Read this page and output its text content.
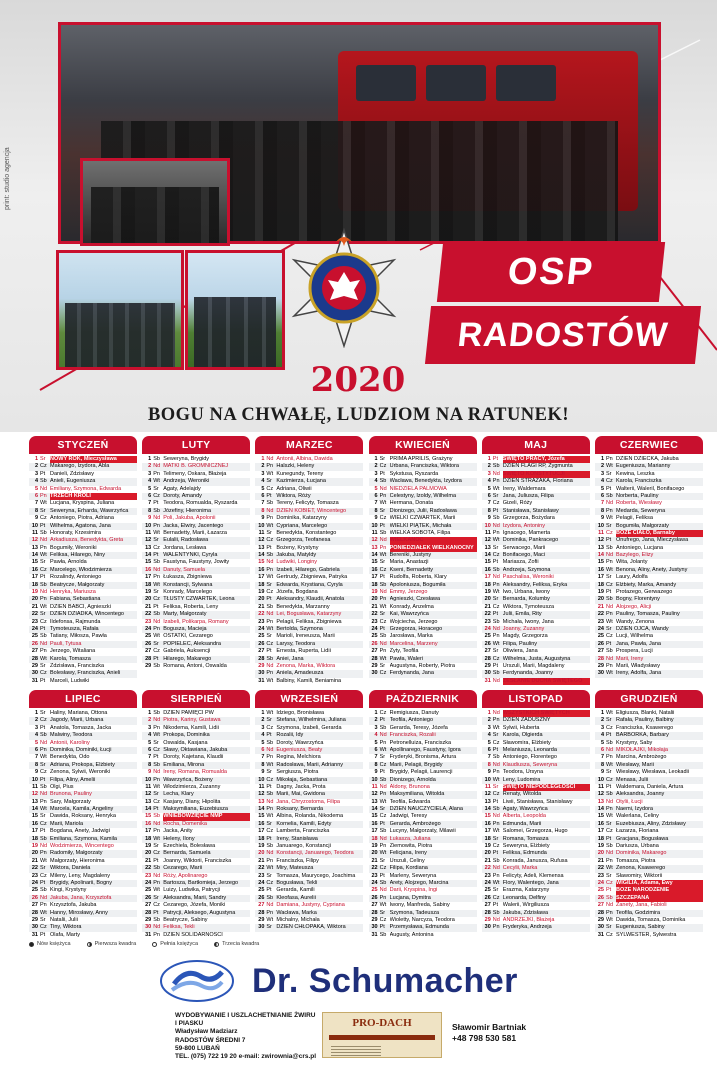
print: studio agencja
OSP
RADOSTÓW
2020
BOGU NA CHWAŁĘ, LUDZIOM NA RATUNEK!
STYCZEŃ
1 Śr NOWY ROK, Mieczysława
2 Cz Makarego, Izydora, Abla
3 Pt Danieli, Zdzisławy
4 Sb Anieli, Eugeniusza
5 Nd Emiliany, Szymona, Edwarda
6 Pn TRZECH KRÓLI
7 Wt Lucjana, Kryspina, Juliana
8 Śr Seweryna, Erharda, Wawrzyńca
9 Cz Antoniego, Piotra, Adriana
10 Pt Wilhelma, Agatona, Jana
11 Sb Honoraty, Krzesimira
12 Nd Arkadiusza, Benedykta, Greta
13 Pn Bogumiły, Weroniki
14 Wt Feliksa, Hilarego, Niny
15 Śr Pawła, Arnolda
16 Cz Marcelego, Włodzimierza
17 Pt Rozalindy, Antoniego
18 Sb Beatrycze, Małgorzaty
19 Nd Henryka, Mariusza
20 Pn Fabiana, Sebastiana
21 Wt DZIEŃ BABCI, Agnieszki
22 Śr DZIEŃ DZIADKA, Wincentego
23 Cz Ildefonsa, Rajmunda
24 Pt Tymoteusza, Rafała
25 Sb Tatiany, Miłosza, Pawła
26 Nd Pauli, Tytusa
27 Pn Jerzego, Witaliana
28 Wt Karola, Tomasza
29 Śr Zdzisława, Franciszka
30 Cz Bolesławy, Franciszka, Anieli
31 Pt Marceli, Ludwiki
LUTY
1 Sb Seweryna, Brygidy
2 Nd MATKI B. GROMNICZNEJ
3 Pn Telimeny, Oskara, Błażeja
4 Wt Andrzeja, Weroniki
5 Śr Agaty, Adelajdy
6 Cz Doroty, Amandy
7 Pt Teodora, Romualda, Ryszarda
8 Sb Józefiny, Hieronima
9 Nd Poli, Jakuba, Apolonii
10 Pn Jacka, Elwiry, Jacentego
11 Wt Bernadetty, Marii, Łazarza
12 Śr Eulalii, Radosława
13 Cz Jordana, Lesława
14 Pt WALENTYNKI, Cyryla
15 Sb Faustyna, Faustyny, Jowity
16 Nd Danuty, Samuela
17 Pn Łukasza, Zbigniewa
18 Wt Konstancji, Sylwana
19 Śr Konrady, Marcelego
20 Cz TŁUSTY CZWARTEK, Leona
21 Pt Feliksa, Roberta, Leny
22 Sb Marty, Małgorzaty
23 Nd Izabeli, Polikarpa, Romany
24 Pn Bogusza, Macieja
25 Wt OSTATKI, Cezarego
26 Śr POPIELEC, Aleksandra
27 Cz Gabriela, Auksencji
28 Pt Hilarego, Makarego
29 Sb Romana, Antoni, Oswalda
MARZEC
1 Nd Antonii, Albina, Dawida
2 Pn Halszki, Heleny
3 Wt Kunegundy, Tereny
4 Śr Kazimierza, Łucjana
5 Cz Adriana, Oliwii
6 Pt Wiktora, Róży
7 Sb Tereny, Felicyty, Tomasza
8 Nd DZIEŃ KOBIET, Wincentego
9 Pn Dominika, Katarzyny
10 Wt Cypriana, Marcelego
11 Śr Benedykta, Konstantego
12 Cz Grzegorza, Teofanesa
13 Pt Bożeny, Krystyny
14 Sb Jakuba, Matyldy
15 Nd Ludwiki, Longiny
16 Pn Izabeli, Hilarego, Gabriela
17 Wt Gertrudy, Zbigniewa, Patryka
18 Śr Edwarda, Krystiana, Cyryla
19 Cz Józefa, Bogdana
20 Pt Aleksandry, Klaudii, Anatola
21 Sb Benedykta, Marzanny
22 Nd Lei, Bogusława, Katarzyny
23 Pn Pelagii, Feliksa, Zbigniewa
24 Wt Bertolda, Szymona
25 Śr Marioli, Ireneusza, Marii
26 Cz Larysy, Teodora
27 Pt Ernesta, Ruperta, Lidii
28 Sb Aniei, Jana
29 Nd Zenona, Marka, Wiktora
30 Pn Aniela, Amadeusza
31 Wt Balbiny, Kamili, Beniamina
KWIECIEŃ
1 Śr PRIMA APRILIS, Grażyny
2 Cz Urbana, Franciszka, Wiktora
3 Pt Sykstusa, Ryszarda
4 Sb Wacława, Benedykta, Izydora
5 Nd NIEDZIELA PALMOWA
6 Pn Celestyny, Izoldy, Wilhelma
7 Wt Hermana, Donata
8 Śr Dionizego, Julii, Radosława
9 Cz WIELKI CZWARTEK, Marii
10 Pt WIELKI PIĄTEK, Michała
11 Sb WIELKA SOBOTA, Filipa
12 Nd WIELKANOC
13 Pn PONIEDZIAŁEK WIELKANOCNY
14 Wt Bereniki, Justyny
15 Śr Maria, Anastazji
16 Cz Kseni, Bernadetty
17 Pt Rudolfa, Roberta, Klary
18 Sb Apoloniusza, Bogumiła
19 Nd Emmy, Jerzego
20 Pn Agnieszki, Czesława
21 Wt Konrady, Anzelma
22 Śr Kai, Wawrzyńca
23 Cz Wojciecha, Jerzego
24 Pt Grzegorza, Horacego
25 Sb Jarosława, Marka
26 Nd Marcelina, Marzeny
27 Pn Żyty, Teofila
28 Wt Pawła, Waleri
29 Śr Augustyna, Roberty, Piotra
30 Cz Ferdynanda, Jana
MAJ
1 Pt ŚWIĘTO PRACY, Józefa
2 Sb DZIEŃ FLAGI RP, Zygmunta
3 Nd ŚWIĘTO KONSTYTUCJI
4 Pn DZIEŃ STRAŻAKA, Floriana
5 Wt Ireny, Waldemara
6 Śr Jana, Juliusza, Filipa
7 Cz Gizeli, Róży
8 Pt Stanisława, Stanisławy
9 Sb Grzegorza, Bożydara
10 Nd Izydora, Antoniny
11 Pn Ignacego, Mamerta
12 Wt Dominika, Pankracego
13 Śr Serwacego, Marii
14 Cz Bonifacego, Maci
15 Pt Mariasza, Zofii
16 Sb Andrzeja, Szymona
17 Nd Paschalisa, Weroniki
18 Pn Aleksandry, Feliksa, Eryka
19 Wt Iwo, Urbana, Iwony
20 Śr Bernarda, Kolumby
21 Cz Wiktora, Tymoteusza
22 Pt Julii, Emila, Rity
23 Sb Michała, Iwony, Jana
24 Nd Joanny, Zuzanny
25 Pn Magdy, Grzegorza
26 Wt Filipa, Pauliny
27 Śr Oliwiera, Jana
28 Cz Wilhelma, Justa, Augustyna
29 Pt Urszuli, Marii, Magdaleny
30 Sb Ferdynanda, Joanny
31 Nd ZESŁANIE DUCHA ŚWIĘTEGO
CZERWIEC
1 Pn DZIEŃ DZIECKA, Jakuba
2 Wt Eugeniusza, Marianny
3 Śr Kewina, Leszka
4 Cz Karola, Franciszka
5 Pt Walterii, Waleril, Bonifacego
6 Sb Norberta, Pauliny
7 Nd Roberta, Wiesławy
8 Pn Medarda, Seweryna
9 Wt Pelagii, Feliksa
10 Śr Bogumiła, Małgorzaty
11 Cz BOŻE CIAŁO, Barnaby
12 Pt Onufrego, Jana, Mieczysława
13 Sb Antoniego, Lucjana
14 Nd Bazylego, Elizy
15 Pn Wita, Jolanty
16 Wt Benona, Aliny, Anety, Justyny
17 Śr Laury, Adolfa
18 Cz Elżbiety, Marka, Amandy
19 Pt Protazego, Gerwazego
20 Sb Bogny, Florentyny
21 Nd Alojzego, Alicji
22 Pn Pauliny, Tomasza, Pauliny
23 Wt Wandy, Zenona
24 Śr DZIEŃ OJCA, Wandy
25 Cz Lucji, Wilhelma
26 Pt Jana, Pawła, Jana
27 Sb Prospera, Lucji
28 Nd Marii, Ireny
29 Pn Marii, Władysławy
30 Wt Ireny, Adolfa, Jana
LIPIEC
1 Śr Haliny, Mariana, Ottona
2 Cz Jagody, Marii, Urbana
3 Pt Anatola, Tomasza, Jacka
4 Sb Malwiny, Teodora
5 Nd Antonii, Karoliny
6 Pn Dominika, Dominiki, Łucji
7 Wt Benedykta, Odo
8 Śr Adriana, Prokopa, Elżbiety
9 Cz Zenona, Sylwii, Weroniki
10 Pt Filipa, Aliny, Amelii
11 Sb Olgi, Pius
12 Nd Brunona, Pauliny
13 Pn Sary, Małgorzaty
14 Wt Marcela, Kamila, Angeliny
15 Śr Dawida, Roksany, Henryka
16 Cz Marii, Mariola
17 Pt Bogdana, Anety, Jadwigi
18 Sb Emiliana, Szymona, Kamila
19 Nd Wodzimierza, Wincentego
20 Pn Radomiły, Małgorzaty
21 Wt Małgorzaty, Hieronima
22 Śr Wiktora, Daniela
23 Cz Mileny, Leny, Magdaleny
24 Pt Brygidy, Apolinarii, Bogny
25 Sb Kingi, Krystyny
26 Nd Jakuba, Jana, Krzysztofa
27 Pn Krzysztofa, Jakuba
28 Wt Hanny, Mirosławy, Anny
29 Śr Natalii, Julii
30 Cz Tiny, Wiktora
31 Pt Olafa, Marty
SIERPIEŃ
1 Sb DZIEŃ PAMIĘCI PW
2 Nd Piotra, Kariny, Gustawa
3 Pn Nikodema, Kamili, Lidii
4 Wt Prokopa, Dominika
5 Śr Oswalda, Kasjana
6 Cz Sławy, Oktawiana, Jakuba
7 Pt Doroty, Kajetana, Klaudii
8 Sb Emiliana, Mirona
9 Nd Ireny, Romana, Romualda
10 Pn Wawrzyńca, Bożeny
11 Wt Włodzimierza, Zuzanny
12 Śr Lecha, Klary
13 Cz Kasjany, Diany, Hipolita
14 Pt Maksymiliana, Euzebiusza
15 Sb WNIEBOWZIĘCIE NMP
16 Nd Rocha, Domenika
17 Pn Jacka, Anity
18 Wt Heleny, Ilony
19 Śr Ezechiela, Bolesława
20 Cz Bernarda, Samuela
21 Pt Joanny, Wiktorii, Franciszka
22 Sb Cezarego, Marii
23 Nd Róży, Apolinarego
24 Pn Bartosza, Bartłomieja, Jerzego
25 Wt Luizy, Ludwika, Patrycji
26 Śr Aleksandra, Marii, Sandry
27 Cz Cezarego, Józefa, Moniki
28 Pt Patrycji, Aleksego, Augustyna
29 Sb Beatrycze, Sabiny
30 Nd Feliksa, Tekli
31 Pn DZIEŃ SOLIDARNOŚCI
WRZESIEŃ
1 Wt Idziego, Bronisława
2 Śr Stefana, Wilhelmina, Juliana
3 Cz Szymona, Izabeli, Gerarda
4 Pt Rozalii, Idy
5 Sb Doroty, Wawrzyńca
6 Nd Eugeniusza, Beaty
7 Pn Regina, Melchiora
8 Wt Radosława, Marii, Adrianny
9 Śr Sergiusza, Piotra
10 Cz Mikołaja, Sebastiana
11 Pt Dagny, Jacka, Prota
12 Sb Marii, Mai, Gwidona
13 Nd Jana, Chryzostoma, Filipa
14 Pn Roksany, Bernarda
15 Wt Albina, Rolanda, Nikodema
16 Śr Kornelia, Kamili, Edyty
17 Cz Lamberta, Franciszka
18 Pt Ireny, Stanisława
19 Sb Januarego, Konstancji
20 Nd Konstancji, Januarego, Teodora
21 Pn Franciszka, Filipy
22 Wt Miry, Mateusza
23 Śr Tomasza, Maurycego, Joachima
24 Cz Bogusława, Tekli
25 Pt Gerarda, Kamili
26 Sb Kleofasa, Aurelii
27 Nd Damiana, Justyny, Cypriana
28 Pn Wacława, Marka
29 Wt Michalny, Michała
30 Śr DZIEŃ CHŁOPAKA, Wiktora
PAŹDZIERNIK
1 Cz Remigiusza, Danuty
2 Pt Teofila, Antoniego
3 Sb Gerarda, Teresy, Józefa
4 Nd Franciszka, Rozalii
5 Pn Petronelluiza, Franciszka
6 Wt Apollinarego, Faustyny, Igora
7 Śr Fryderyki, Bronisma, Artura
8 Cz Marii, Pelagii, Brygidy
9 Pt Brygidy, Pelagii, Laurencji
10 Sb Dionizego, Arnolda
11 Nd Aldony, Brunona
12 Pn Maksymiliana, Witolda
13 Wt Teofila, Edwarda
14 Śr DZIEŃ NAUCZYCIELA, Alana
15 Cz Jadwigi, Teresy
16 Pt Gerarda, Ambrożego
17 Sb Lucyny, Małgorzaty, Milawii
18 Nd Łukasza, Juliana
19 Pn Ziemowita, Piotra
20 Wt Felicjana, Ireny
21 Śr Urszuli, Celiny
22 Cz Filipa, Kordiana
23 Pt Marleny, Seweryna
24 Sb Arety, Alojzego, Marcina
25 Nd Darii, Kryspina, Ingi
26 Pn Lucjana, Dymitra
27 Wt Iwony, Manfreda, Sabiny
28 Śr Szymona, Tadeusza
29 Cz Wioletty, Narcyza, Teodora
30 Pt Przemysława, Edmunda
31 Sb Augusty, Antonina
LISTOPAD
1 Nd WSZYSTKICH ŚWIĘTYCH
2 Pn DZIEŃ ZADUSZNY
3 Wt Sylwii, Huberta
4 Śr Karola, Olgierda
5 Cz Sławomira, Elżbiety
6 Pt Melaniusza, Leonarda
7 Sb Antoniego, Florentego
8 Nd Klaudiusza, Seweryna
9 Pn Teodora, Ursyna
10 Wt Leny, Ludomira
11 Śr ŚWIĘTO NIEPODLEGŁOŚCI
12 Cz Renaty, Witolda
13 Pt Liwii, Stanisława, Stanisławy
14 Sb Agaty, Wawrzyńca
15 Nd Alberta, Leopolda
16 Pn Edmunda, Marii
17 Wt Salomei, Grzegorza, Hugo
18 Śr Romana, Tomasza
19 Cz Seweryna, Elżbiety
20 Pt Feliksa, Edmunda
21 Sb Konrada, Janusza, Rufusa
22 Nd Cecylii, Marka
23 Pn Felicyty, Adeli, Klemensa
24 Wt Flory, Walentego, Jana
25 Śr Erazma, Katarzyny
26 Cz Leonarda, Delfiny
27 Pt Walerii, Wirgiliusza
28 Sb Jakuba, Zdzisława
29 Nd ANDRZEJKI, Błażeja
30 Pn Fryderyka, Andrzeja
GRUDZIEŃ
1 Wt Eligiusza, Blanki, Natalii
2 Śr Rafała, Pauliny, Balbiny
3 Cz Franciszka, Ksawerego
4 Pt BARBÓRKA, Barbary
5 Sb Krystyny, Saby
6 Nd MIKOŁAJKI, Mikołaja
7 Pn Marcina, Ambrożego
8 Wt Wiesławy, Marii
9 Śr Wiesławy, Wiesława, Leokadii
10 Cz Menasa, Julii
11 Pt Waldemara, Daniela, Artura
12 Sb Aleksandra, Joanny
13 Nd Otylii, Łucji
14 Pn Naemi, Izydora
15 Wt Walerlana, Celiny
16 Śr Euzebiusza, Aliny, Zdzisławy
17 Cz Łazarza, Floriana
18 Pt Gracjana, Bogusława
19 Sb Dariusza, Urbana
20 Nd Dominika, Makarego
21 Pn Tomasza, Piotra
22 Wt Zenona, Ksawerego
23 Śr Sławomiry, Wiktorii
24 Cz WIGILIA, Adama, Ewy
25 Pt BOŻE NARODZENIE
26 Sb SZCZEPANA
27 Nd Żanety, Jana, Fabioli
28 Pn Teofila, Godzimira
29 Wt Dawida, Tomasza, Dominika
30 Śr Eugeniusza, Sabiny
31 Cz SYLWESTER, Sylwestra
Nów księżyca	Pierwsza kwadra	Pełnia księżyca	Trzecia kwadra
Dr. Schumacher
WYDOBYWANIE I USZLACHETNIANIE ŻWIRU
I PIASKU
Władysław Madziarz
RADOSTÓW ŚREDNI 7
59-800 LUBAŃ
TEL. (075) 722 19 20 e-mail: zwirownia@crs.pl
PRO-DACH	Sławomir Bartniak
+48 798 530 581
